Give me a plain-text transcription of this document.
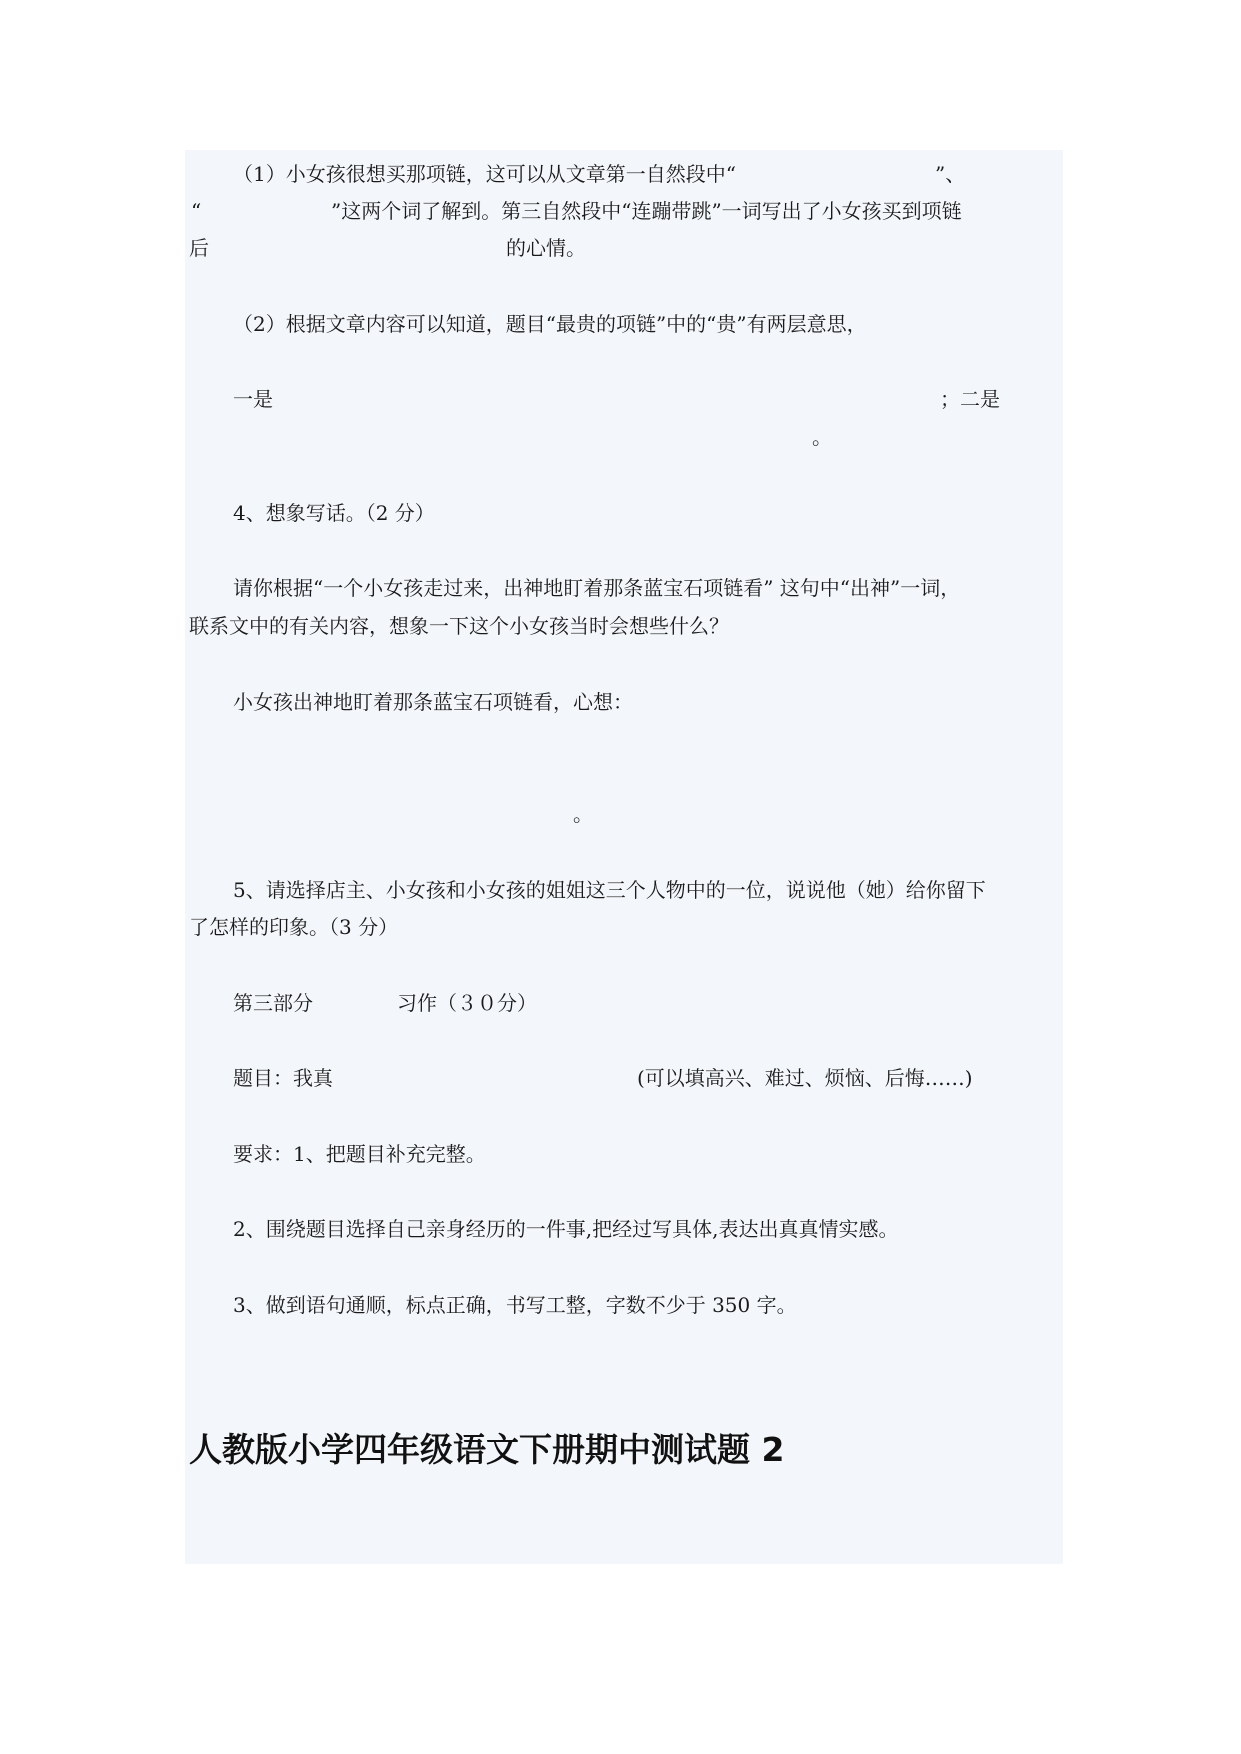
（1）小女孩很想买那项链，这可以从文章第一自然段中“	”、

“	”这两个词了解到。第三自然段中“连蹦带跳”一词写出了小女孩买到项链

后	的心情。

（2）根据文章内容可以知道，题目“最贵的项链”中的“贵”有两层意思，

一是	；二是

。

4、想象写话。（2 分）

请你根据“一个小女孩走过来，出神地盯着那条蓝宝石项链看” 这句中“出神”一词，

联系文中的有关内容，想象一下这个小女孩当时会想些什么？

小女孩出神地盯着那条蓝宝石项链看，心想：

。

5、请选择店主、小女孩和小女孩的姐姐这三个人物中的一位，说说他（她）给你留下

了怎样的印象。（3 分）

第三部分	习作（３０分）

题目：我真	(可以填高兴、难过、烦恼、后悔……)

要求：1、把题目补充完整。

2、围绕题目选择自己亲身经历的一件事,把经过写具体,表达出真真情实感。

3、做到语句通顺，标点正确，书写工整，字数不少于 350 字。

人教版小学四年级语文下册期中测试题 2
